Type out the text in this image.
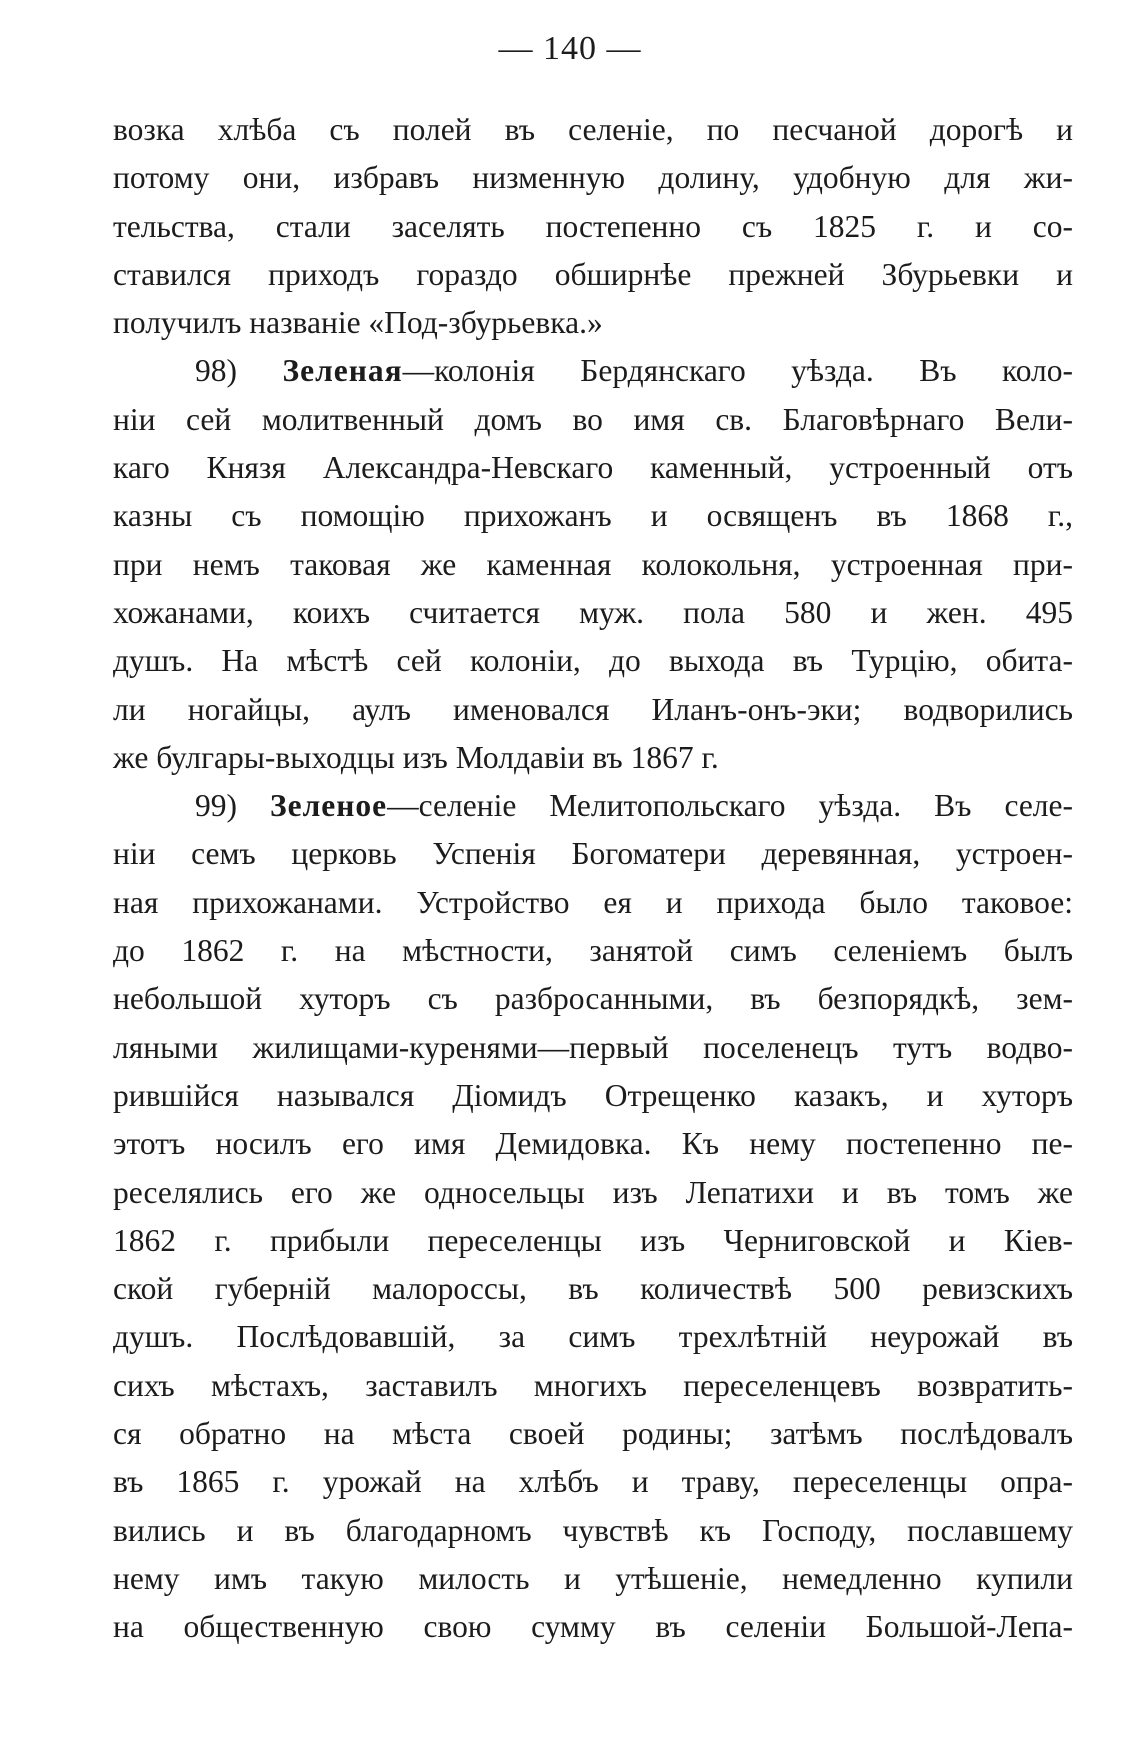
— 140 —
возка хлѣба съ полей въ селеніе, по песчаной дорогѣ и
потому они, избравъ низменную долину, удобную для жи-
тельства, стали заселять постепенно съ 1825 г. и со-
ставился приходъ гораздо обширнѣе прежней Збурьевки и
получилъ названіе «Под-збурьевка.»
98) Зеленая—колонія Бердянскаго уѣзда. Въ коло-
ніи сей молитвенный домъ во имя св. Благовѣрнаго Вели-
каго Князя Александра-Невскаго каменный, устроенный отъ
казны съ помощію прихожанъ и освященъ въ 1868 г.,
при немъ таковая же каменная колокольня, устроенная при-
хожанами, коихъ считается муж. пола 580 и жен. 495
душъ. На мѣстѣ сей колоніи, до выхода въ Турцію, обита-
ли ногайцы, аулъ именовался Иланъ-онъ-эки; водворились
же булгары-выходцы изъ Молдавіи въ 1867 г.
99) Зеленое—селеніе Мелитопольскаго уѣзда. Въ селе-
ніи семъ церковь Успенія Богоматери деревянная, устроен-
ная прихожанами. Устройство ея и прихода было таковое:
до 1862 г. на мѣстности, занятой симъ селеніемъ былъ
небольшой хуторъ съ разбросанными, въ безпорядкѣ, зем-
ляными жилищами-куренями—первый поселенецъ тутъ водво-
рившійся назывался Діомидъ Отрещенко казакъ, и хуторъ
этотъ носилъ его имя Демидовка. Къ нему постепенно пе-
реселялись его же односельцы изъ Лепатихи и въ томъ же
1862 г. прибыли переселенцы изъ Черниговской и Кіев-
ской губерній малороссы, въ количествѣ 500 ревизскихъ
душъ. Послѣдовавшій, за симъ трехлѣтній неурожай въ
сихъ мѣстахъ, заставилъ многихъ переселенцевъ возвратить-
ся обратно на мѣста своей родины; затѣмъ послѣдовалъ
въ 1865 г. урожай на хлѣбъ и траву, переселенцы опра-
вились и въ благодарномъ чувствѣ къ Господу, пославшему
нему имъ такую милость и утѣшеніе, немедленно купили
на общественную свою сумму въ селеніи Большой-Лепа-
